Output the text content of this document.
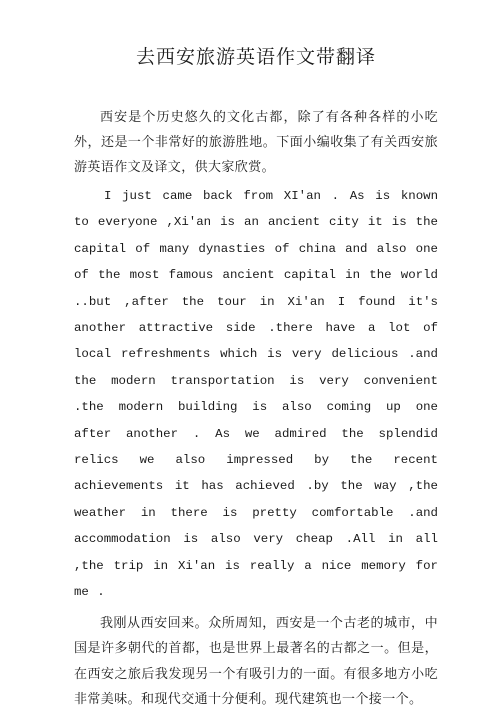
去西安旅游英语作文带翻译

西安是个历史悠久的文化古都，除了有各种各样的小吃外，还是一个非常好的旅游胜地。下面小编收集了有关西安旅游英语作文及译文，供大家欣赏。

I just came back from XI'an . As is known to everyone ,Xi'an is an ancient city it is the capital of many dynasties of china and also one of the most famous ancient capital in the world ..but ,after the tour in Xi'an I found it's another attractive side .there have a lot of local refreshments which is very delicious .and the modern transportation is very convenient .the modern building is also coming up one after another . As we admired the splendid relics we also impressed by the recent achievements it has achieved .by the way ,the weather in there is pretty comfortable .and accommodation is also very cheap .All in all ,the trip in Xi'an is really a nice memory for me .

我刚从西安回来。众所周知，西安是一个古老的城市，中国是许多朝代的首都，也是世界上最著名的古都之一。但是，在西安之旅后我发现另一个有吸引力的一面。有很多地方小吃非常美味。和现代交通十分便利。现代建筑也一个接一个。
